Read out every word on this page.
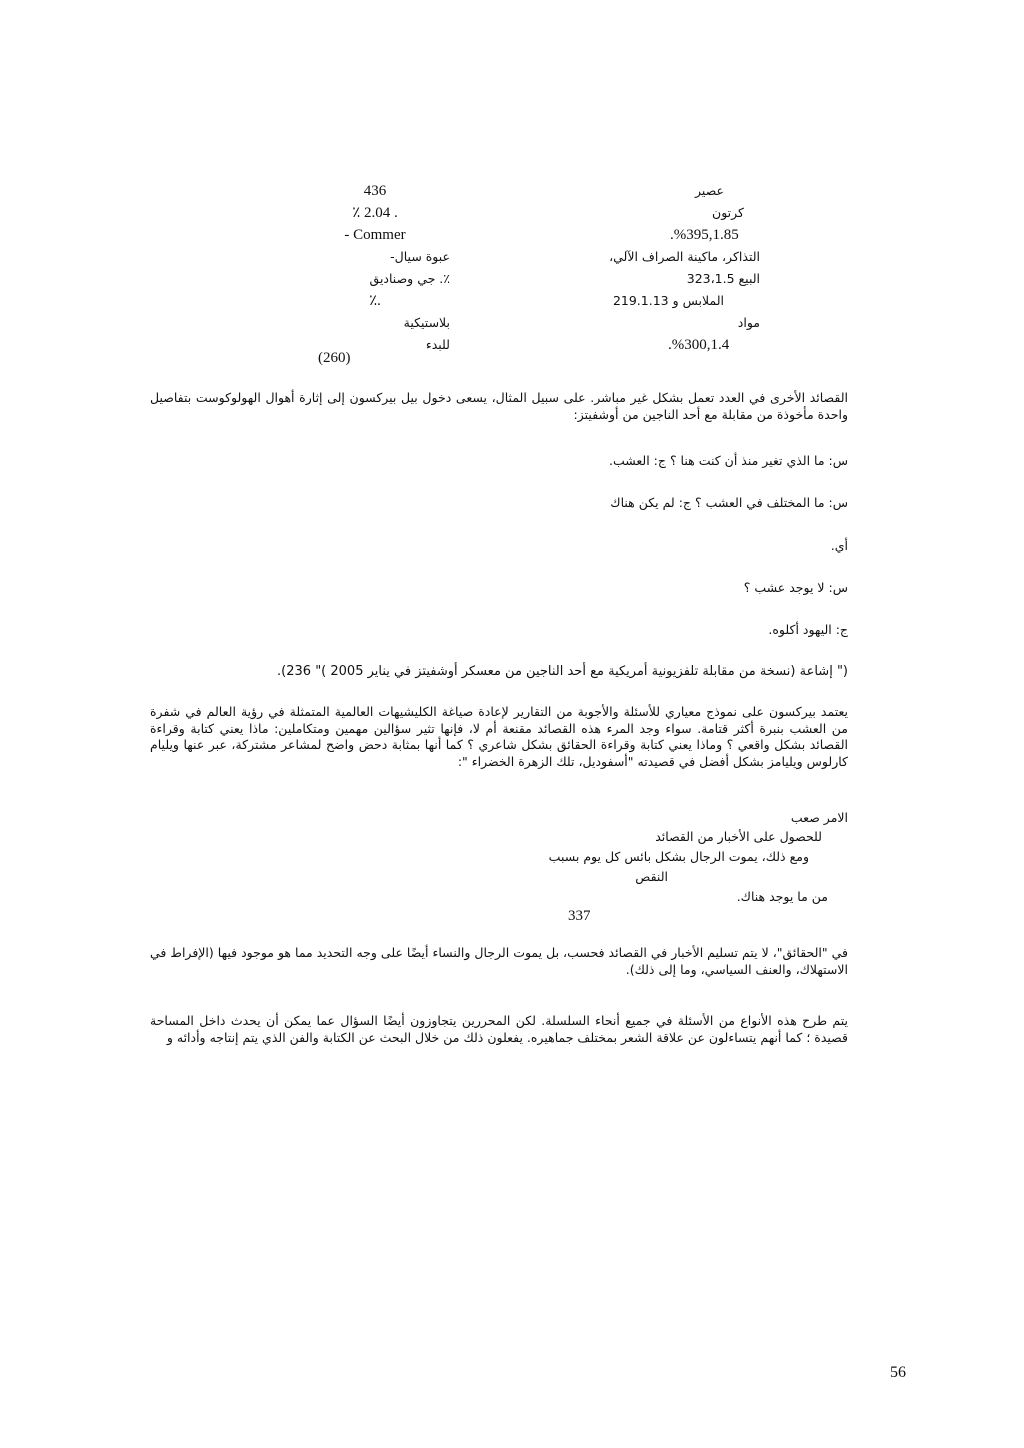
436
٪ 2.04 .
- Commer
عبوة سيال-
٪. جي وصناديق
٪.
بلاستيكية
للبدء
عصير
كرتون
.%395,1.85
التذاكر، ماكينة الصراف الآلي،
البيع 323،1.5
الملابس و 219.1.13
مواد
.%300,1.4
(260)
القصائد الأخرى في العدد تعمل بشكل غير مباشر. على سبيل المثال، يسعى دخول بيل بيركسون إلى إثارة أهوال الهولوكوست بتفاصيل واحدة مأخوذة من مقابلة مع أحد الناجين من أوشفيتز:
س: ما الذي تغير منذ أن كنت هنا ؟ ج: العشب.
س: ما المختلف في العشب ؟ ج: لم يكن هناك
أي.
س: لا يوجد عشب ؟
ج: اليهود أكلوه.
(" إشاعة (نسخة من مقابلة تلفزيونية أمريكية مع أحد الناجين من معسكر أوشفيتز في يناير 2005 )" 236).
يعتمد بيركسون على نموذج معياري للأسئلة والأجوبة من التقارير لإعادة صياغة الكليشيهات العالمية المتمثلة في رؤية العالم في شفرة من العشب بنبرة أكثر قتامة. سواء وجد المرء هذه القصائد مقنعة أم لا، فإنها تثير سؤالين مهمين ومتكاملين: ماذا يعني كتابة وقراءة القصائد بشكل واقعي ؟ وماذا يعني كتابة وقراءة الحقائق بشكل شاعري ؟ كما أنها بمثابة دحض واضح لمشاعر مشتركة، عبر عنها ويليام كارلوس ويليامز بشكل أفضل في قصيدته "أسفوديل، تلك الزهرة الخضراء ":
الامر صعب
للحصول على الأخبار من القصائد
ومع ذلك، يموت الرجال بشكل بائس كل يوم بسبب
النقص
من ما يوجد هناك.
337
في "الحقائق"، لا يتم تسليم الأخبار في القصائد فحسب، بل يموت الرجال والنساء أيضًا على وجه التحديد مما هو موجود فيها (الإفراط في الاستهلاك، والعنف السياسي، وما إلى ذلك).
يتم طرح هذه الأنواع من الأسئلة في جميع أنحاء السلسلة. لكن المحررين يتجاوزون أيضًا السؤال عما يمكن أن يحدث داخل المساحة قصيدة ؛ كما أنهم يتساءلون عن علاقة الشعر بمختلف جماهيره. يفعلون ذلك من خلال البحث عن الكتابة والفن الذي يتم إنتاجه وأدائه و
56
